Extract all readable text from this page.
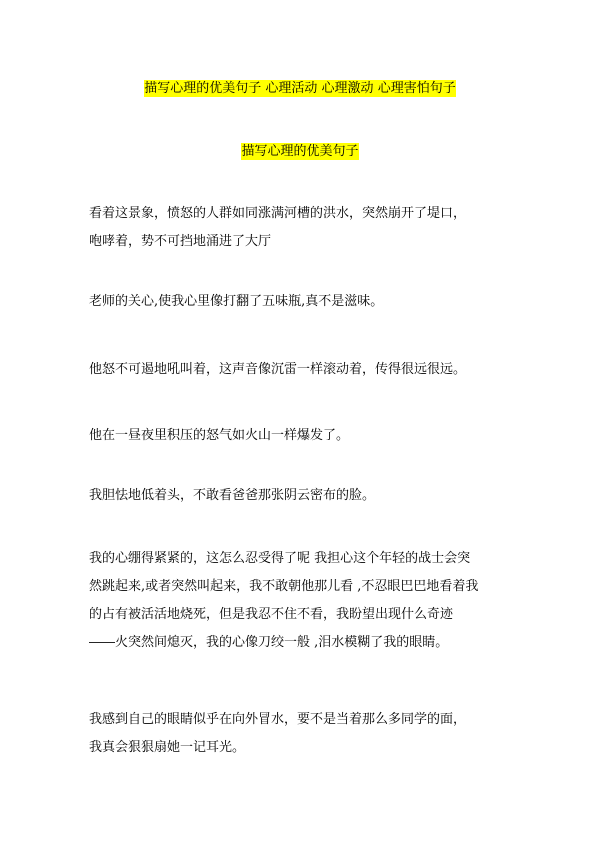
描写心理的优美句子 心理活动 心理激动 心理害怕句子
描写心理的优美句子
看着这景象，愤怒的人群如同涨满河槽的洪水，突然崩开了堤口，
咆哮着，势不可挡地涌进了大厅
老师的关心,使我心里像打翻了五味瓶,真不是滋味。
他怒不可遏地吼叫着，这声音像沉雷一样滚动着，传得很远很远。
他在一昼夜里积压的怒气如火山一样爆发了。
我胆怯地低着头，不敢看爸爸那张阴云密布的脸。
我的心绷得紧紧的，这怎么忍受得了呢 我担心这个年轻的战士会突
然跳起来,或者突然叫起来，我不敢朝他那儿看 ,不忍眼巴巴地看着我
的占有被活活地烧死，但是我忍不住不看，我盼望出现什么奇迹
――火突然间熄灭，我的心像刀绞一般 ,泪水模糊了我的眼睛。
我感到自己的眼睛似乎在向外冒水，要不是当着那么多同学的面，
我真会狠狠扇她一记耳光。
